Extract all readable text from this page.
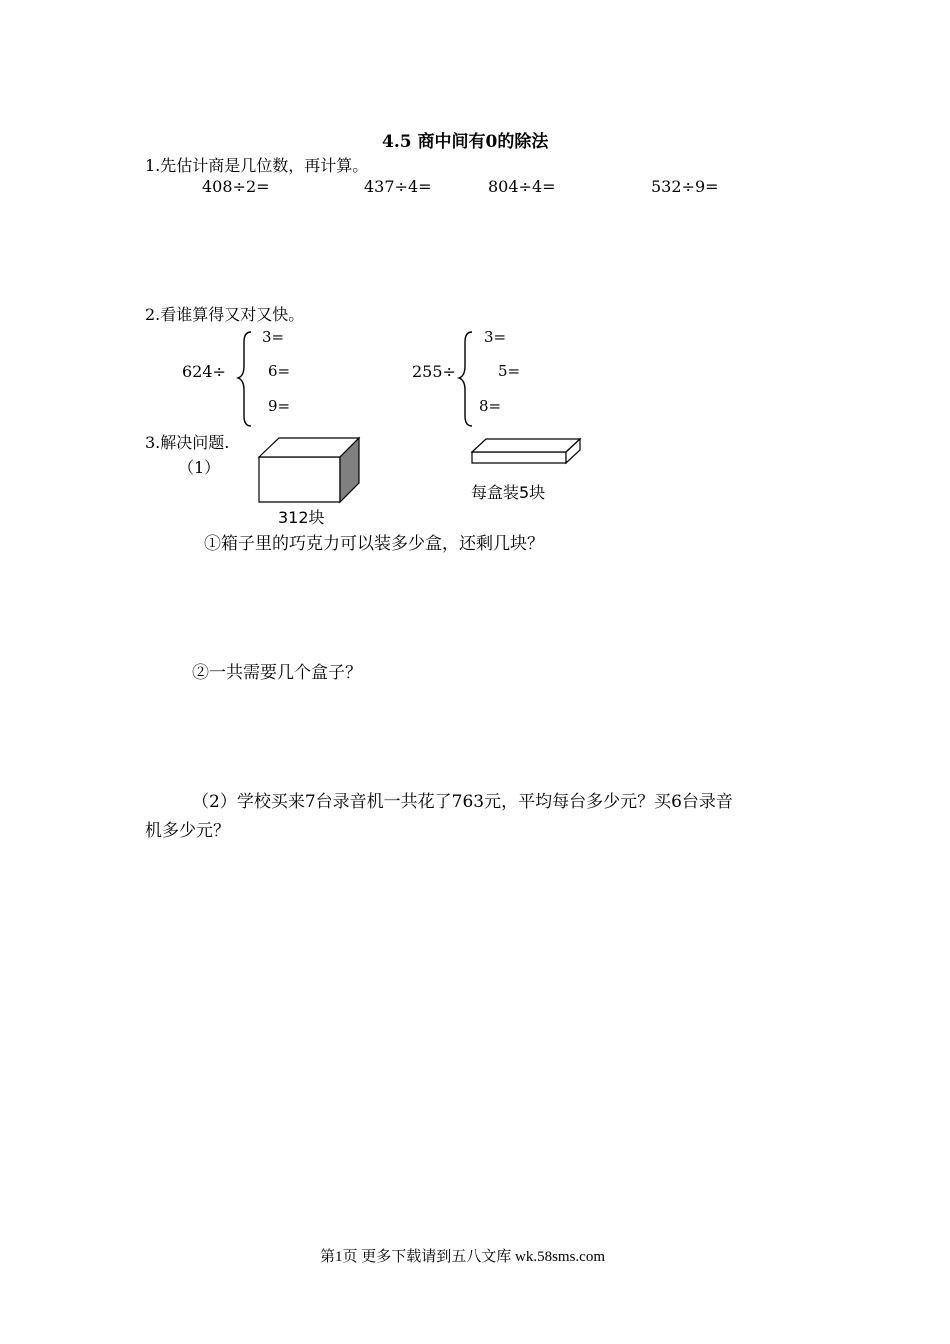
4.5 商中间有0的除法
1.先估计商是几位数，再计算。
408÷2=	437÷4=	804÷4=	532÷9=
2.看谁算得又对又快。
624÷
3=
6=
9=
255÷
3=
5=
8=
3.解决问题.
（1）
312块
每盒装5块
①箱子里的巧克力可以装多少盒，还剩几块？
②一共需要几个盒子？
（2）学校买来7台录音机一共花了763元，平均每台多少元？买6台录音
机多少元？
第1页 更多下载请到五八文库 wk.58sms.com
